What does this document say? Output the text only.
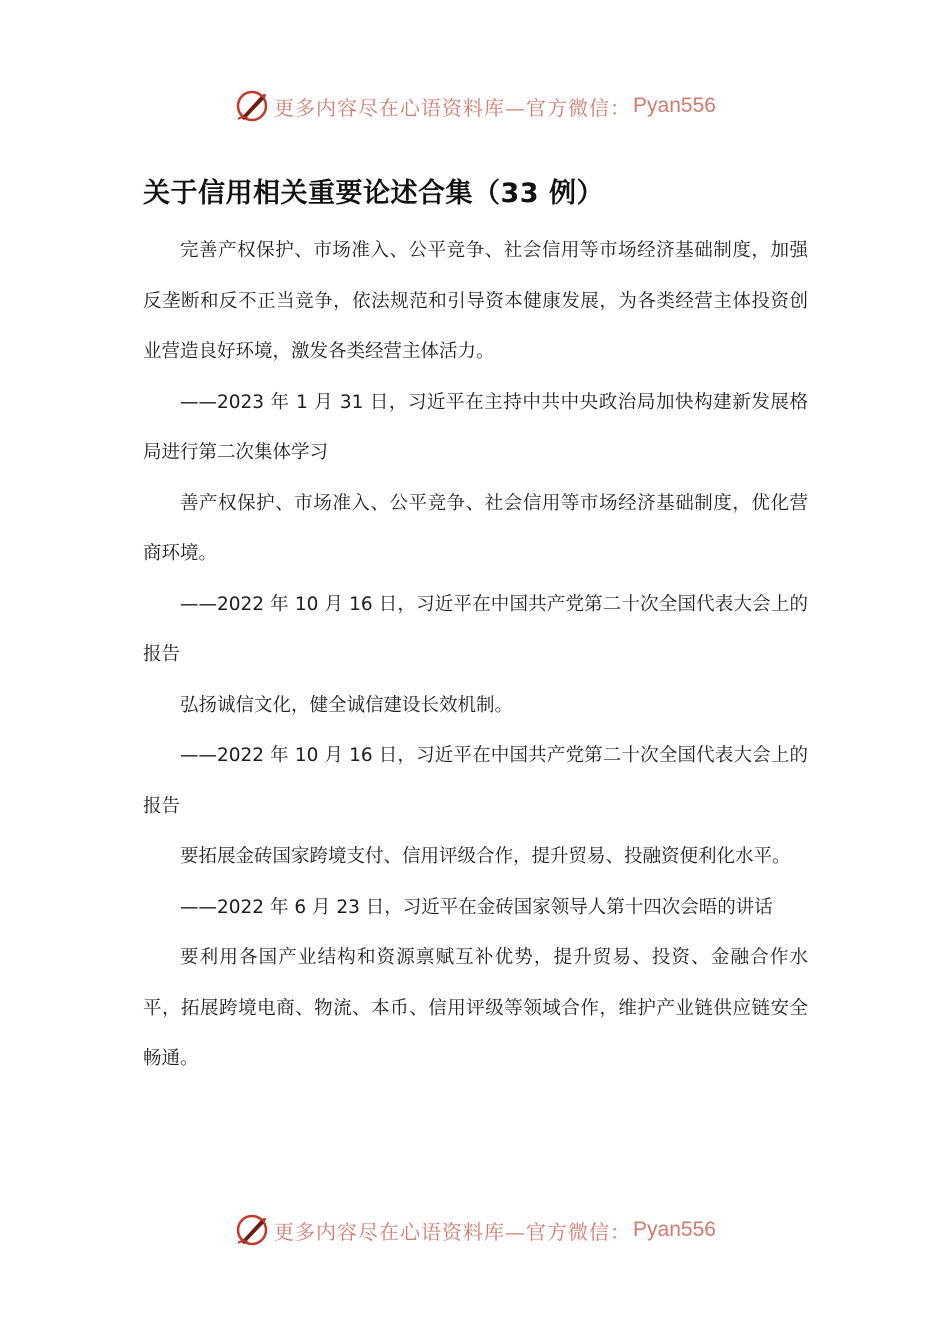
更多内容尽在心语资料库—官方微信： Pyan556
关于信用相关重要论述合集（33 例）

完善产权保护、市场准入、公平竞争、社会信用等市场经济基础制度，加强反垄断和反不正当竞争，依法规范和引导资本健康发展，为各类经营主体投资创业营造良好环境，激发各类经营主体活力。

——2023 年 1 月 31 日，习近平在主持中共中央政治局加快构建新发展格局进行第二次集体学习

善产权保护、市场准入、公平竞争、社会信用等市场经济基础制度，优化营商环境。

——2022 年 10 月 16 日，习近平在中国共产党第二十次全国代表大会上的报告

弘扬诚信文化，健全诚信建设长效机制。

——2022 年 10 月 16 日，习近平在中国共产党第二十次全国代表大会上的报告

要拓展金砖国家跨境支付、信用评级合作，提升贸易、投融资便利化水平。

——2022 年 6 月 23 日，习近平在金砖国家领导人第十四次会晤的讲话

要利用各国产业结构和资源禀赋互补优势，提升贸易、投资、金融合作水平，拓展跨境电商、物流、本币、信用评级等领域合作，维护产业链供应链安全畅通。

更多内容尽在心语资料库—官方微信： Pyan556
